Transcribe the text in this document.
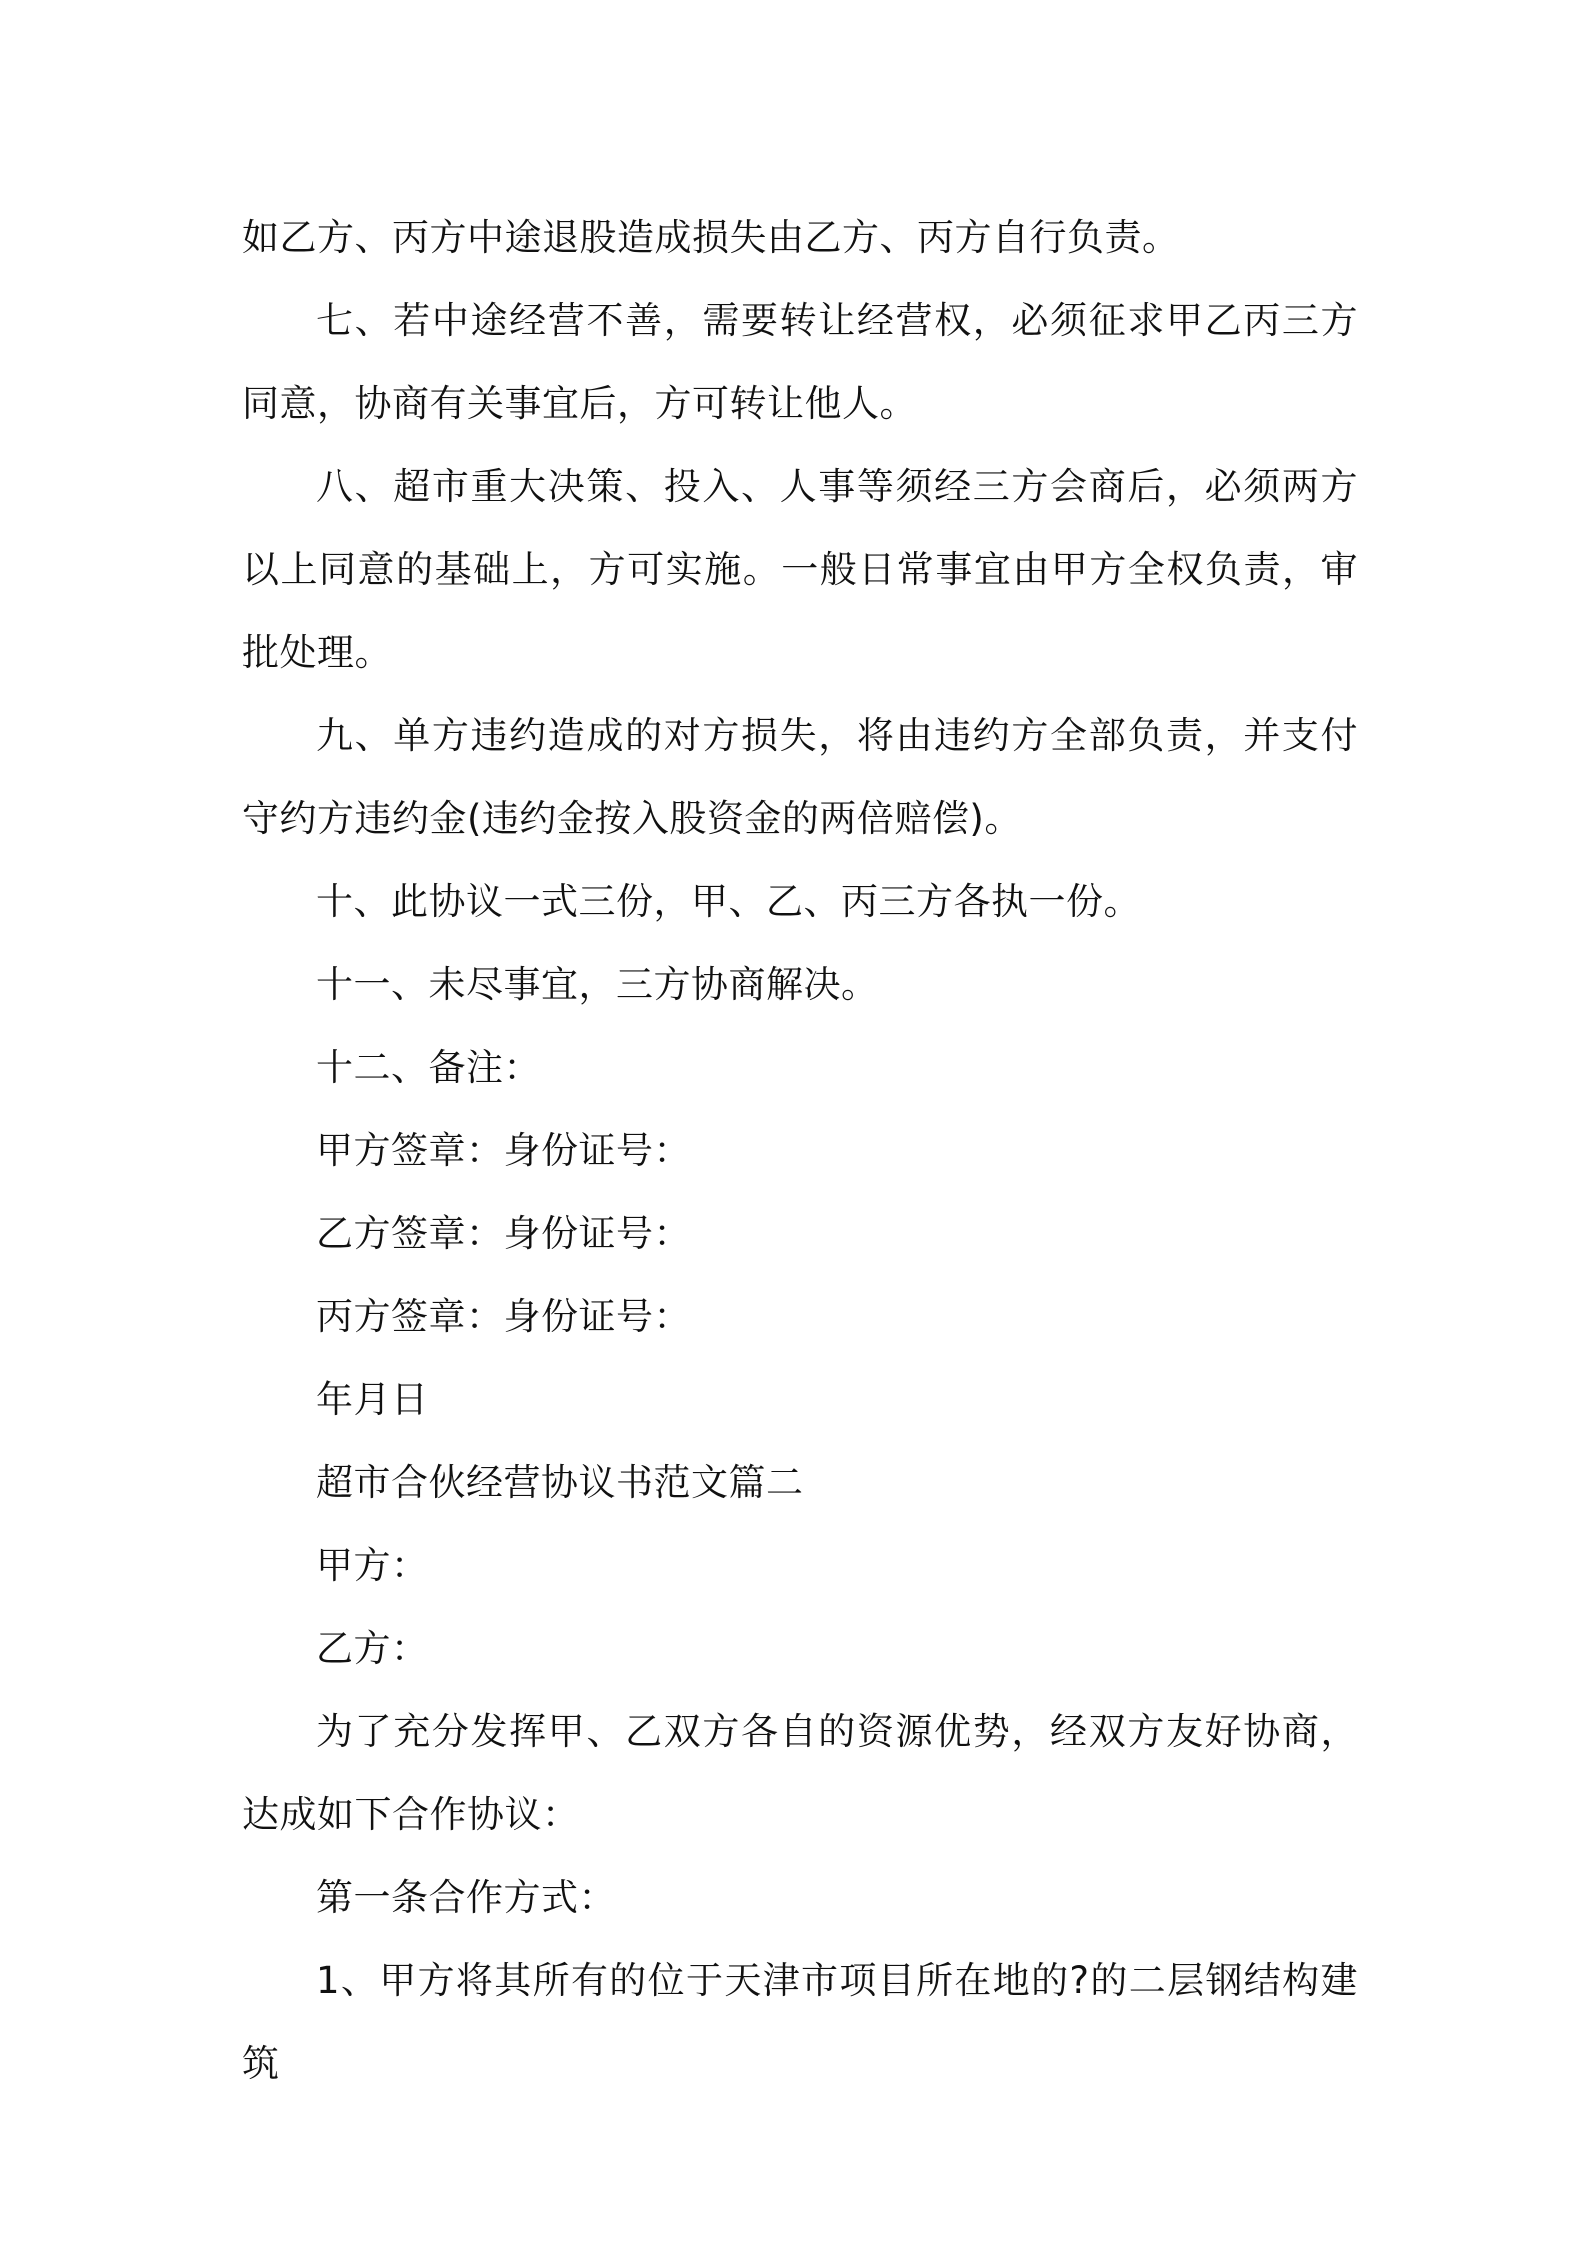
如乙方、丙方中途退股造成损失由乙方、丙方自行负责。

七、若中途经营不善，需要转让经营权，必须征求甲乙丙三方同意，协商有关事宜后，方可转让他人。

八、超市重大决策、投入、人事等须经三方会商后，必须两方以上同意的基础上，方可实施。一般日常事宜由甲方全权负责，审批处理。

九、单方违约造成的对方损失，将由违约方全部负责，并支付守约方违约金(违约金按入股资金的两倍赔偿)。

十、此协议一式三份，甲、乙、丙三方各执一份。

十一、未尽事宜，三方协商解决。

十二、备注：

甲方签章：身份证号：

乙方签章：身份证号：

丙方签章：身份证号：

年月日

超市合伙经营协议书范文篇二

甲方：

乙方：

为了充分发挥甲、乙双方各自的资源优势，经双方友好协商，达成如下合作协议：

第一条合作方式：

1、甲方将其所有的位于天津市项目所在地的?的二层钢结构建筑
